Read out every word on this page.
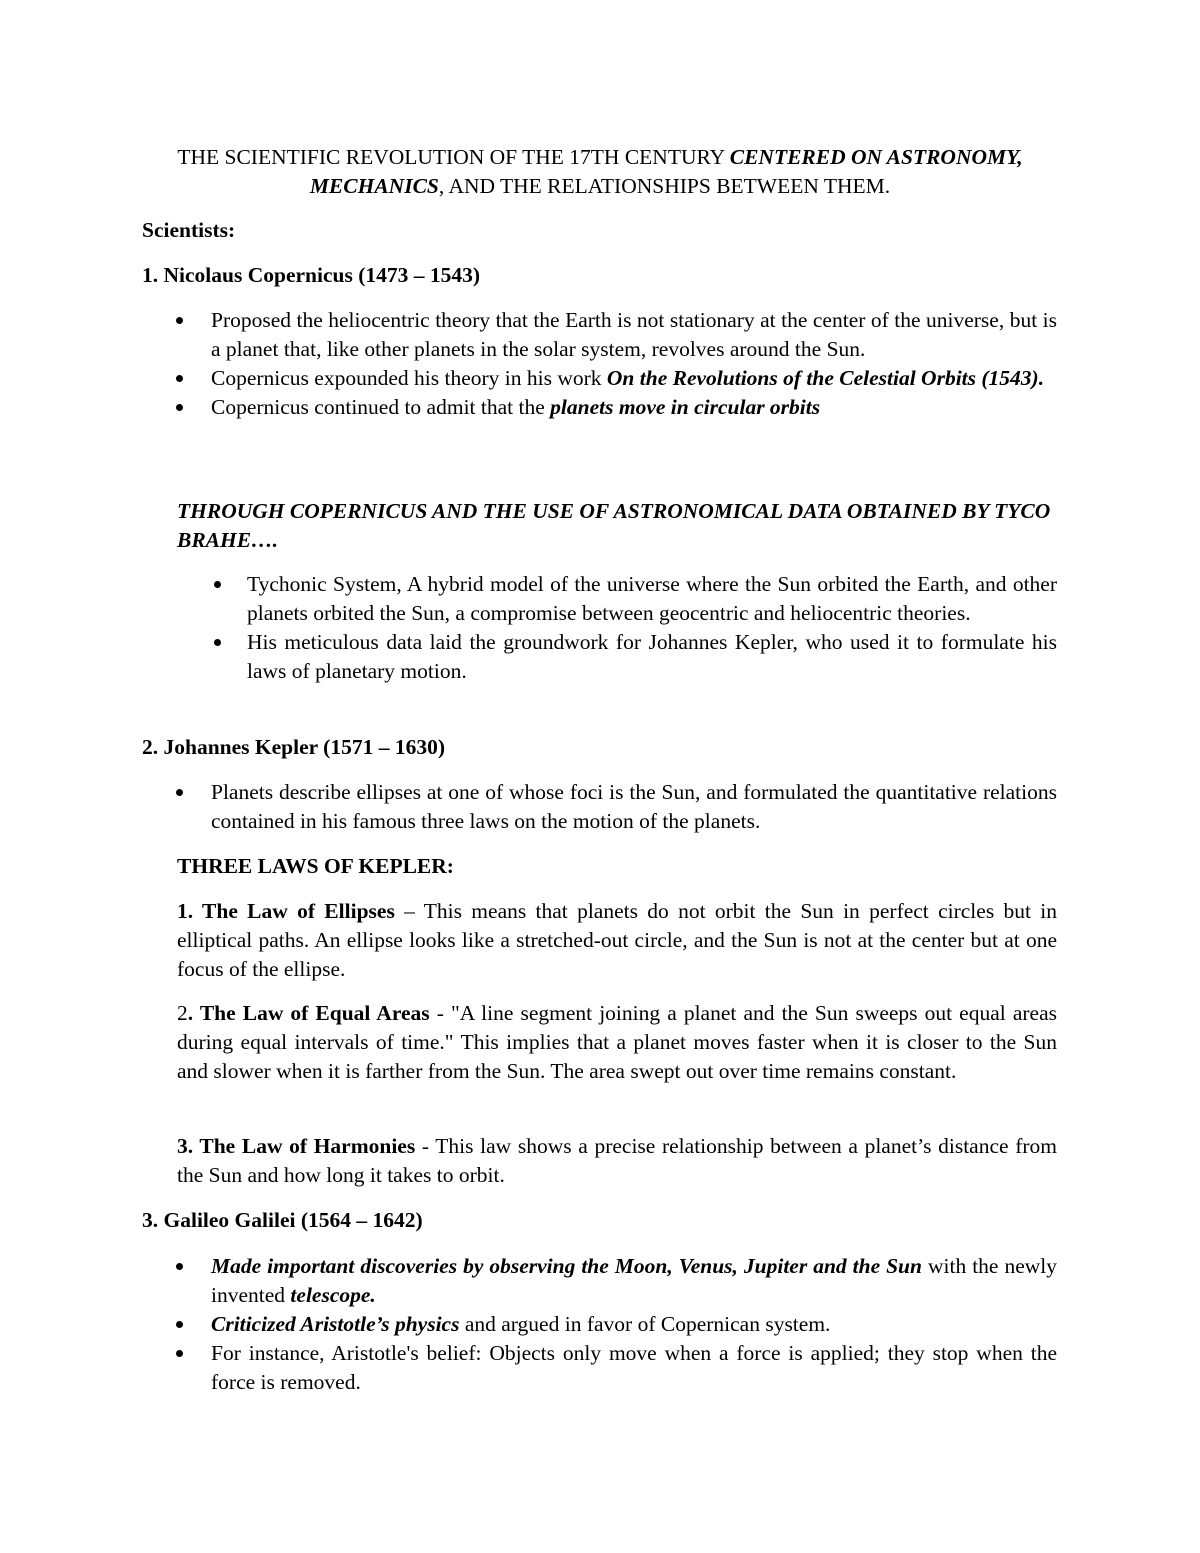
THE SCIENTIFIC REVOLUTION OF THE 17TH CENTURY CENTERED ON ASTRONOMY, MECHANICS, AND THE RELATIONSHIPS BETWEEN THEM.
Scientists:
1. Nicolaus Copernicus (1473 – 1543)
Proposed the heliocentric theory that the Earth is not stationary at the center of the universe, but is a planet that, like other planets in the solar system, revolves around the Sun.
Copernicus expounded his theory in his work On the Revolutions of the Celestial Orbits (1543).
Copernicus continued to admit that the planets move in circular orbits
THROUGH COPERNICUS AND THE USE OF ASTRONOMICAL DATA OBTAINED BY TYCO BRAHE….
Tychonic System, A hybrid model of the universe where the Sun orbited the Earth, and other planets orbited the Sun, a compromise between geocentric and heliocentric theories.
His meticulous data laid the groundwork for Johannes Kepler, who used it to formulate his laws of planetary motion.
2. Johannes Kepler (1571 – 1630)
Planets describe ellipses at one of whose foci is the Sun, and formulated the quantitative relations contained in his famous three laws on the motion of the planets.
THREE LAWS OF KEPLER:
1. The Law of Ellipses – This means that planets do not orbit the Sun in perfect circles but in elliptical paths. An ellipse looks like a stretched-out circle, and the Sun is not at the center but at one focus of the ellipse.
2. The Law of Equal Areas - "A line segment joining a planet and the Sun sweeps out equal areas during equal intervals of time." This implies that a planet moves faster when it is closer to the Sun and slower when it is farther from the Sun. The area swept out over time remains constant.
3. The Law of Harmonies - This law shows a precise relationship between a planet’s distance from the Sun and how long it takes to orbit.
3. Galileo Galilei (1564 – 1642)
Made important discoveries by observing the Moon, Venus, Jupiter and the Sun with the newly invented telescope.
Criticized Aristotle’s physics and argued in favor of Copernican system.
For instance, Aristotle's belief: Objects only move when a force is applied; they stop when the force is removed.
